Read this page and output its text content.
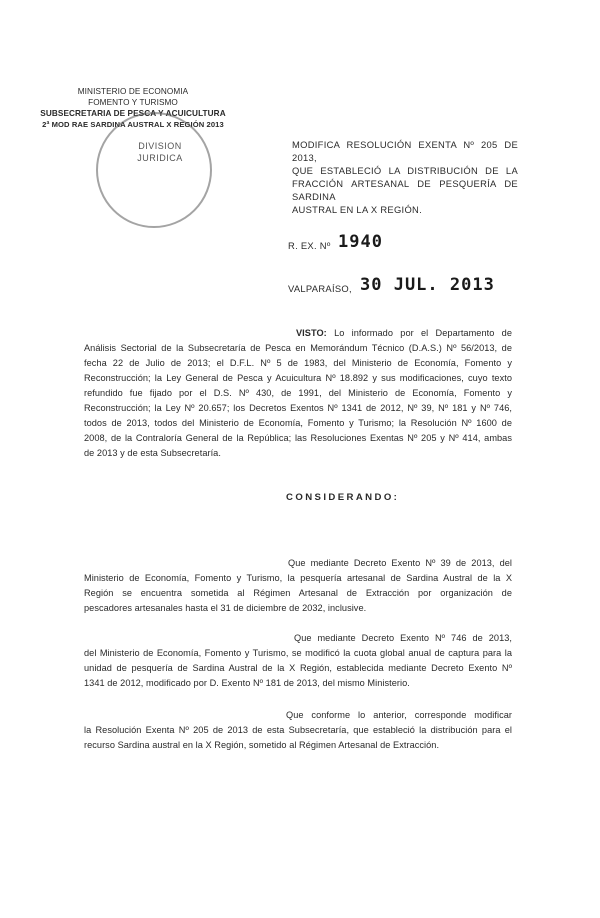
MINISTERIO DE ECONOMIA
FOMENTO Y TURISMO
SUBSECRETARIA DE PESCA Y ACUICULTURA
2ª MOD RAE SARDINA AUSTRAL X REGIÓN 2013
DIVISION
JURIDICA
MODIFICA RESOLUCIÓN EXENTA Nº 205 DE 2013,
QUE ESTABLECIÓ LA DISTRIBUCIÓN DE LA
FRACCIÓN ARTESANAL DE PESQUERÍA DE SARDINA
AUSTRAL EN LA X REGIÓN.
R. EX. Nº 1940
VALPARAÍSO, 30 JUL. 2013
VISTO: Lo informado por el Departamento de
Análisis Sectorial de la Subsecretaría de Pesca en Memorándum Técnico (D.A.S.) Nº 56/2013, de
fecha 22 de Julio de 2013; el D.F.L. Nº 5 de 1983, del Ministerio de Economía, Fomento y
Reconstrucción; la Ley General de Pesca y Acuicultura Nº 18.892 y sus modificaciones, cuyo texto
refundido fue fijado por el D.S. Nº 430, de 1991, del Ministerio de Economía, Fomento y
Reconstrucción; la Ley Nº 20.657; los Decretos Exentos Nº 1341 de 2012, Nº 39, Nº 181 y Nº 746,
todos de 2013, todos del Ministerio de Economía, Fomento y Turismo; la Resolución Nº 1600 de
2008, de la Contraloría General de la República; las Resoluciones Exentas Nº 205 y Nº 414, ambas
de 2013 y de esta Subsecretaría.
CONSIDERANDO:
Que mediante Decreto Exento Nº 39 de 2013, del
Ministerio de Economía, Fomento y Turismo, la pesquería artesanal de Sardina Austral de la X
Región se encuentra sometida al Régimen Artesanal de Extracción por organización de
pescadores artesanales hasta el 31 de diciembre de 2032, inclusive.
Que mediante Decreto Exento Nº 746 de 2013,
del Ministerio de Economía, Fomento y Turismo, se modificó la cuota global anual de captura para la
unidad de pesquería de Sardina Austral de la X Región, establecida mediante Decreto Exento Nº
1341 de 2012, modificado por D. Exento Nº 181 de 2013, del mismo Ministerio.
Que conforme lo anterior, corresponde modificar
la Resolución Exenta Nº 205 de 2013 de esta Subsecretaría, que estableció la distribución para el
recurso Sardina austral en la X Región, sometido al Régimen Artesanal de Extracción.
